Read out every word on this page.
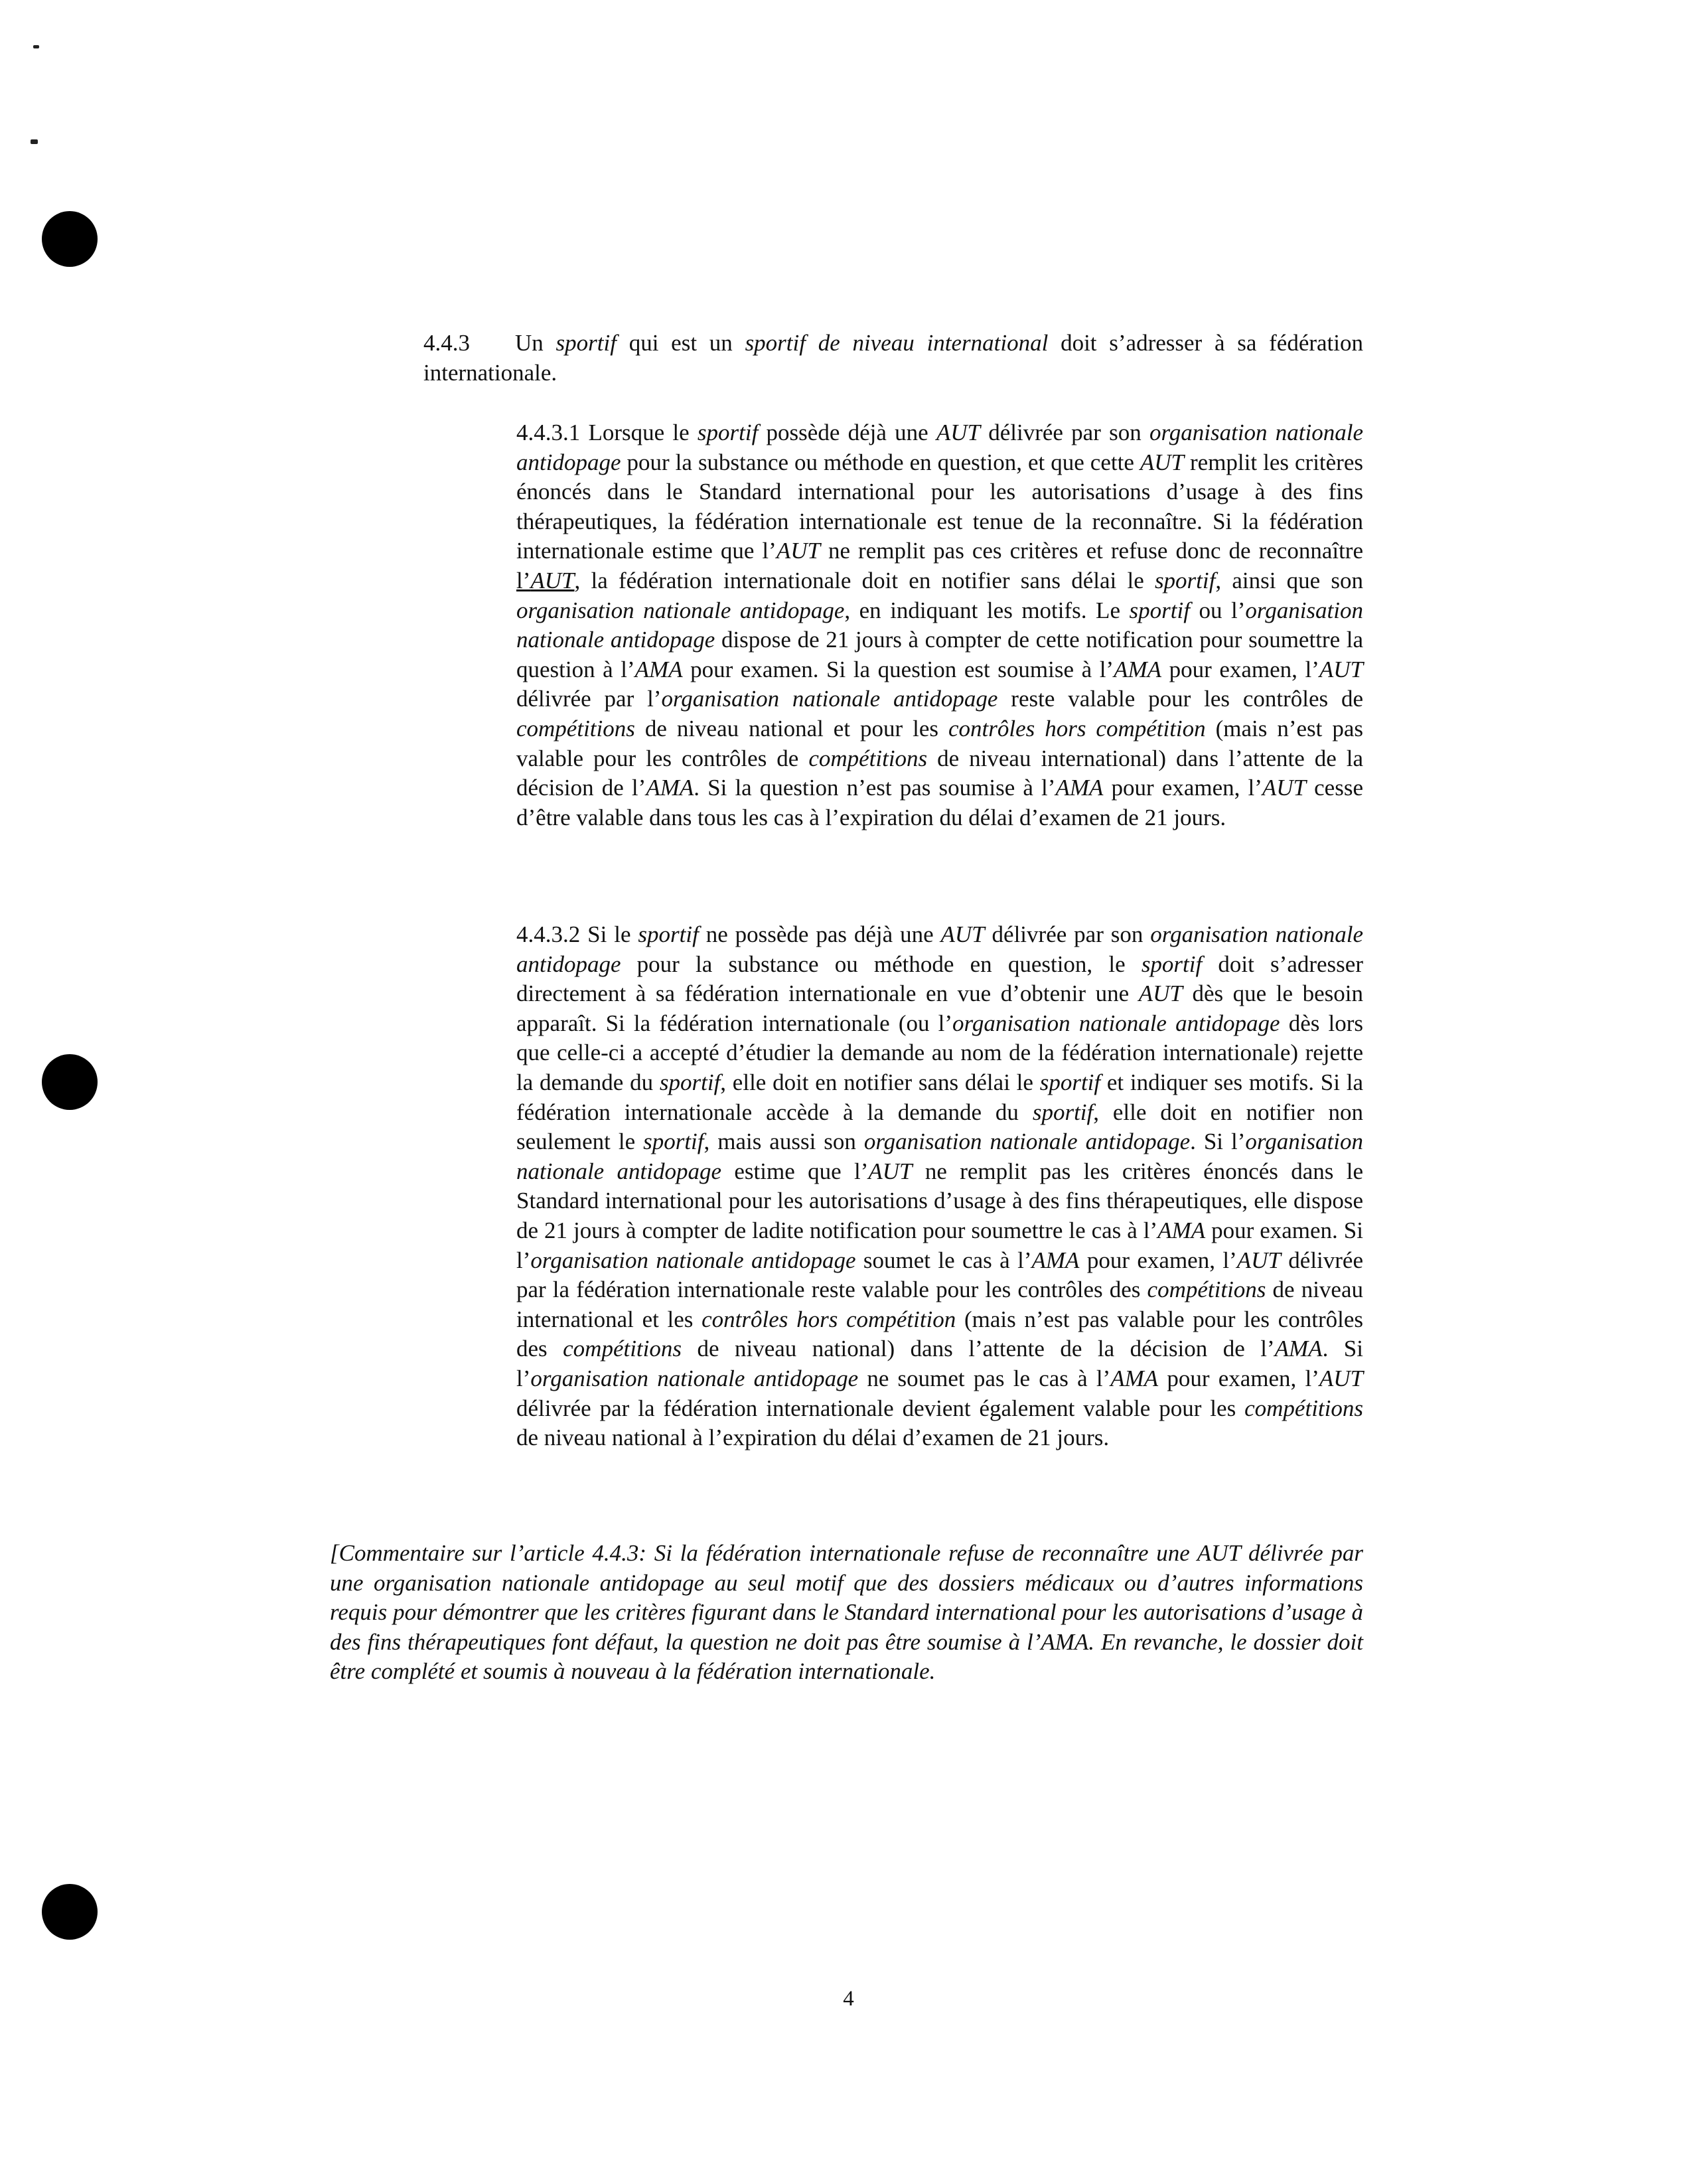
4.4.3 Un sportif qui est un sportif de niveau international doit s’adresser à sa fédération internationale.

4.4.3.1 Lorsque le sportif possède déjà une AUT délivrée par son organisation nationale antidopage pour la substance ou méthode en question, et que cette AUT remplit les critères énoncés dans le Standard international pour les autorisations d’usage à des fins thérapeutiques, la fédération internationale est tenue de la reconnaître. Si la fédération internationale estime que l’AUT ne remplit pas ces critères et refuse donc de reconnaître l’AUT, la fédération internationale doit en notifier sans délai le sportif, ainsi que son organisation nationale antidopage, en indiquant les motifs. Le sportif ou l’organisation nationale antidopage dispose de 21 jours à compter de cette notification pour soumettre la question à l’AMA pour examen. Si la question est soumise à l’AMA pour examen, l’AUT délivrée par l’organisation nationale antidopage reste valable pour les contrôles de compétitions de niveau national et pour les contrôles hors compétition (mais n’est pas valable pour les contrôles de compétitions de niveau international) dans l’attente de la décision de l’AMA. Si la question n’est pas soumise à l’AMA pour examen, l’AUT cesse d’être valable dans tous les cas à l’expiration du délai d’examen de 21 jours.

4.4.3.2 Si le sportif ne possède pas déjà une AUT délivrée par son organisation nationale antidopage pour la substance ou méthode en question, le sportif doit s’adresser directement à sa fédération internationale en vue d’obtenir une AUT dès que le besoin apparaît. Si la fédération internationale (ou l’organisation nationale antidopage dès lors que celle-ci a accepté d’étudier la demande au nom de la fédération internationale) rejette la demande du sportif, elle doit en notifier sans délai le sportif et indiquer ses motifs. Si la fédération internationale accède à la demande du sportif, elle doit en notifier non seulement le sportif, mais aussi son organisation nationale antidopage. Si l’organisation nationale antidopage estime que l’AUT ne remplit pas les critères énoncés dans le Standard international pour les autorisations d’usage à des fins thérapeutiques, elle dispose de 21 jours à compter de ladite notification pour soumettre le cas à l’AMA pour examen. Si l’organisation nationale antidopage soumet le cas à l’AMA pour examen, l’AUT délivrée par la fédération internationale reste valable pour les contrôles des compétitions de niveau international et les contrôles hors compétition (mais n’est pas valable pour les contrôles des compétitions de niveau national) dans l’attente de la décision de l’AMA. Si l’organisation nationale antidopage ne soumet pas le cas à l’AMA pour examen, l’AUT délivrée par la fédération internationale devient également valable pour les compétitions de niveau national à l’expiration du délai d’examen de 21 jours.

[Commentaire sur l’article 4.4.3: Si la fédération internationale refuse de reconnaître une AUT délivrée par une organisation nationale antidopage au seul motif que des dossiers médicaux ou d’autres informations requis pour démontrer que les critères figurant dans le Standard international pour les autorisations d’usage à des fins thérapeutiques font défaut, la question ne doit pas être soumise à l’AMA. En revanche, le dossier doit être complété et soumis à nouveau à la fédération internationale.

4
